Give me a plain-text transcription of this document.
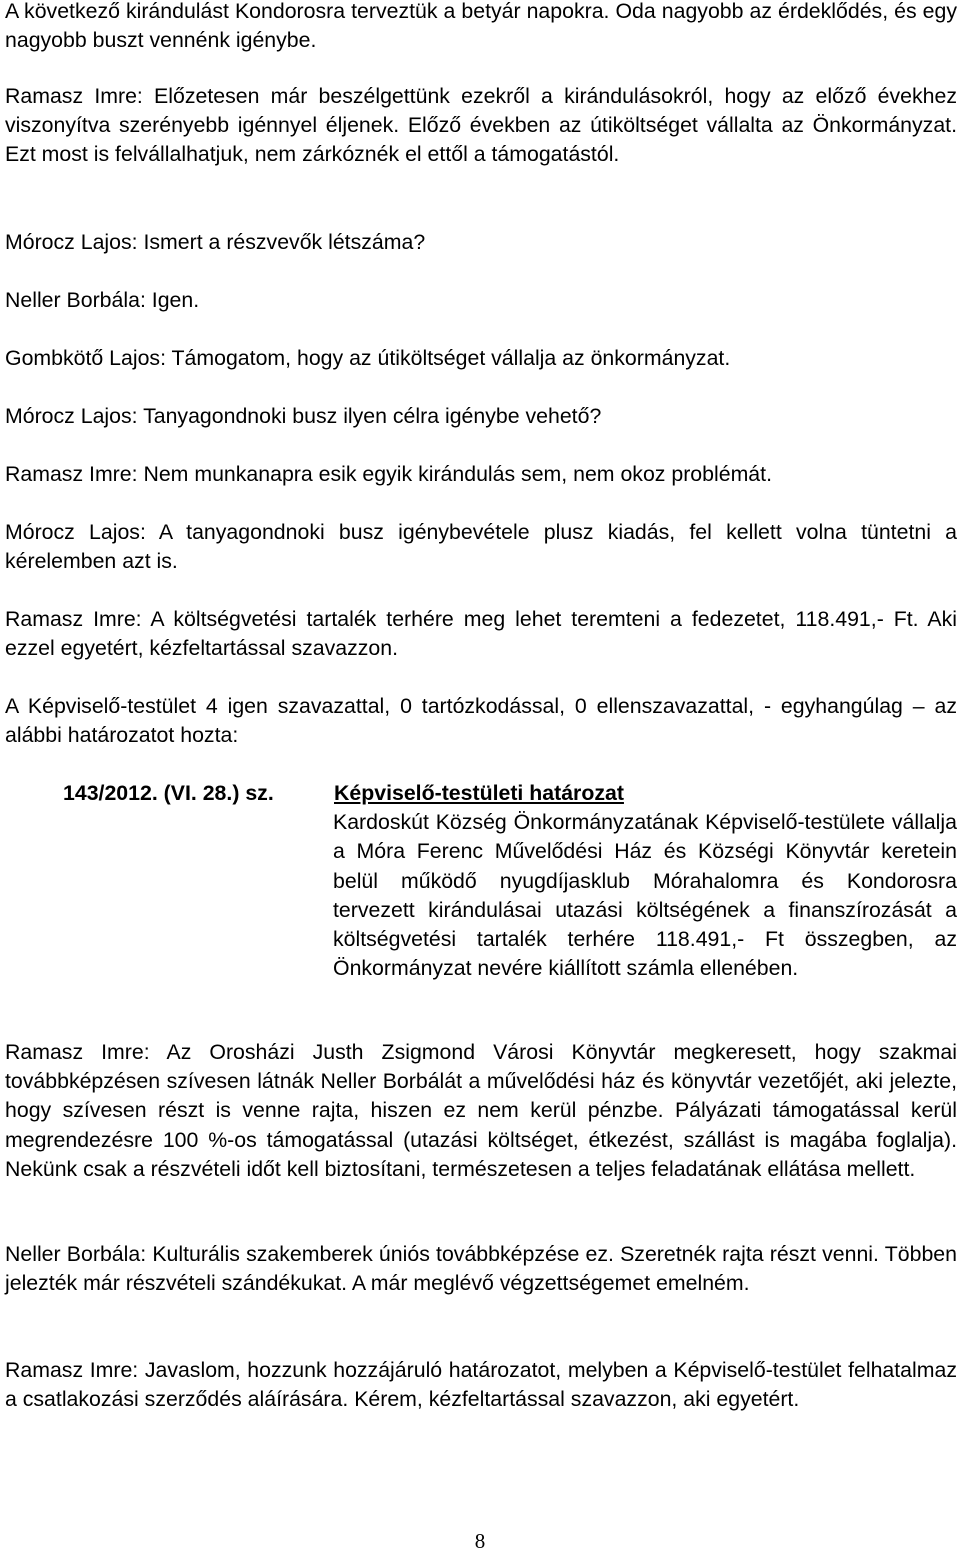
A következő kirándulást Kondorosra terveztük a betyár napokra. Oda nagyobb az érdeklődés, és egy nagyobb buszt vennénk igénybe.

Ramasz Imre: Előzetesen már beszélgettünk ezekről a kirándulásokról, hogy az előző évekhez viszonyítva szerényebb igénnyel éljenek. Előző években az útiköltséget vállalta az Önkormányzat. Ezt most is felvállalhatjuk, nem zárkóznék el ettől a támogatástól.

Mórocz Lajos: Ismert a részvevők létszáma?

Neller Borbála: Igen.

Gombkötő Lajos: Támogatom, hogy az útiköltséget vállalja az önkormányzat.

Mórocz Lajos: Tanyagondnoki busz ilyen célra igénybe vehető?

Ramasz Imre: Nem munkanapra esik egyik kirándulás sem, nem okoz problémát.

Mórocz Lajos: A tanyagondnoki busz igénybevétele plusz kiadás, fel kellett volna tüntetni a kérelemben azt is.

Ramasz Imre: A költségvetési tartalék terhére meg lehet teremteni a fedezetet, 118.491,- Ft. Aki ezzel egyetért, kézfeltartással szavazzon.

A Képviselő-testület 4 igen szavazattal, 0 tartózkodással, 0 ellenszavazattal, - egyhangúlag – az alábbi határozatot hozta:

143/2012. (VI. 28.) sz.	Képviselő-testületi határozat

Kardoskút Község Önkormányzatának Képviselő-testülete vállalja a Móra Ferenc Művelődési Ház és Községi Könyvtár keretein belül működő nyugdíjasklub Mórahalomra és Kondorosra tervezett kirándulásai utazási költségének a finanszírozását a költségvetési tartalék terhére 118.491,- Ft összegben, az Önkormányzat nevére kiállított számla ellenében.

Ramasz Imre: Az Orosházi Justh Zsigmond Városi Könyvtár megkeresett, hogy szakmai továbbképzésen szívesen látnák Neller Borbálát a művelődési ház és könyvtár vezetőjét, aki jelezte, hogy szívesen részt is venne rajta, hiszen ez nem kerül pénzbe. Pályázati támogatással kerül megrendezésre 100 %-os támogatással (utazási költséget, étkezést, szállást is magába foglalja). Nekünk csak a részvételi időt kell biztosítani, természetesen a teljes feladatának ellátása mellett.

Neller Borbála: Kulturális szakemberek úniós továbbképzése ez. Szeretnék rajta részt venni. Többen jelezték már részvételi szándékukat. A már meglévő végzettségemet emelném.

Ramasz Imre: Javaslom, hozzunk hozzájáruló határozatot, melyben a Képviselő-testület felhatalmaz a csatlakozási szerződés aláírására. Kérem, kézfeltartással szavazzon, aki egyetért.

8
